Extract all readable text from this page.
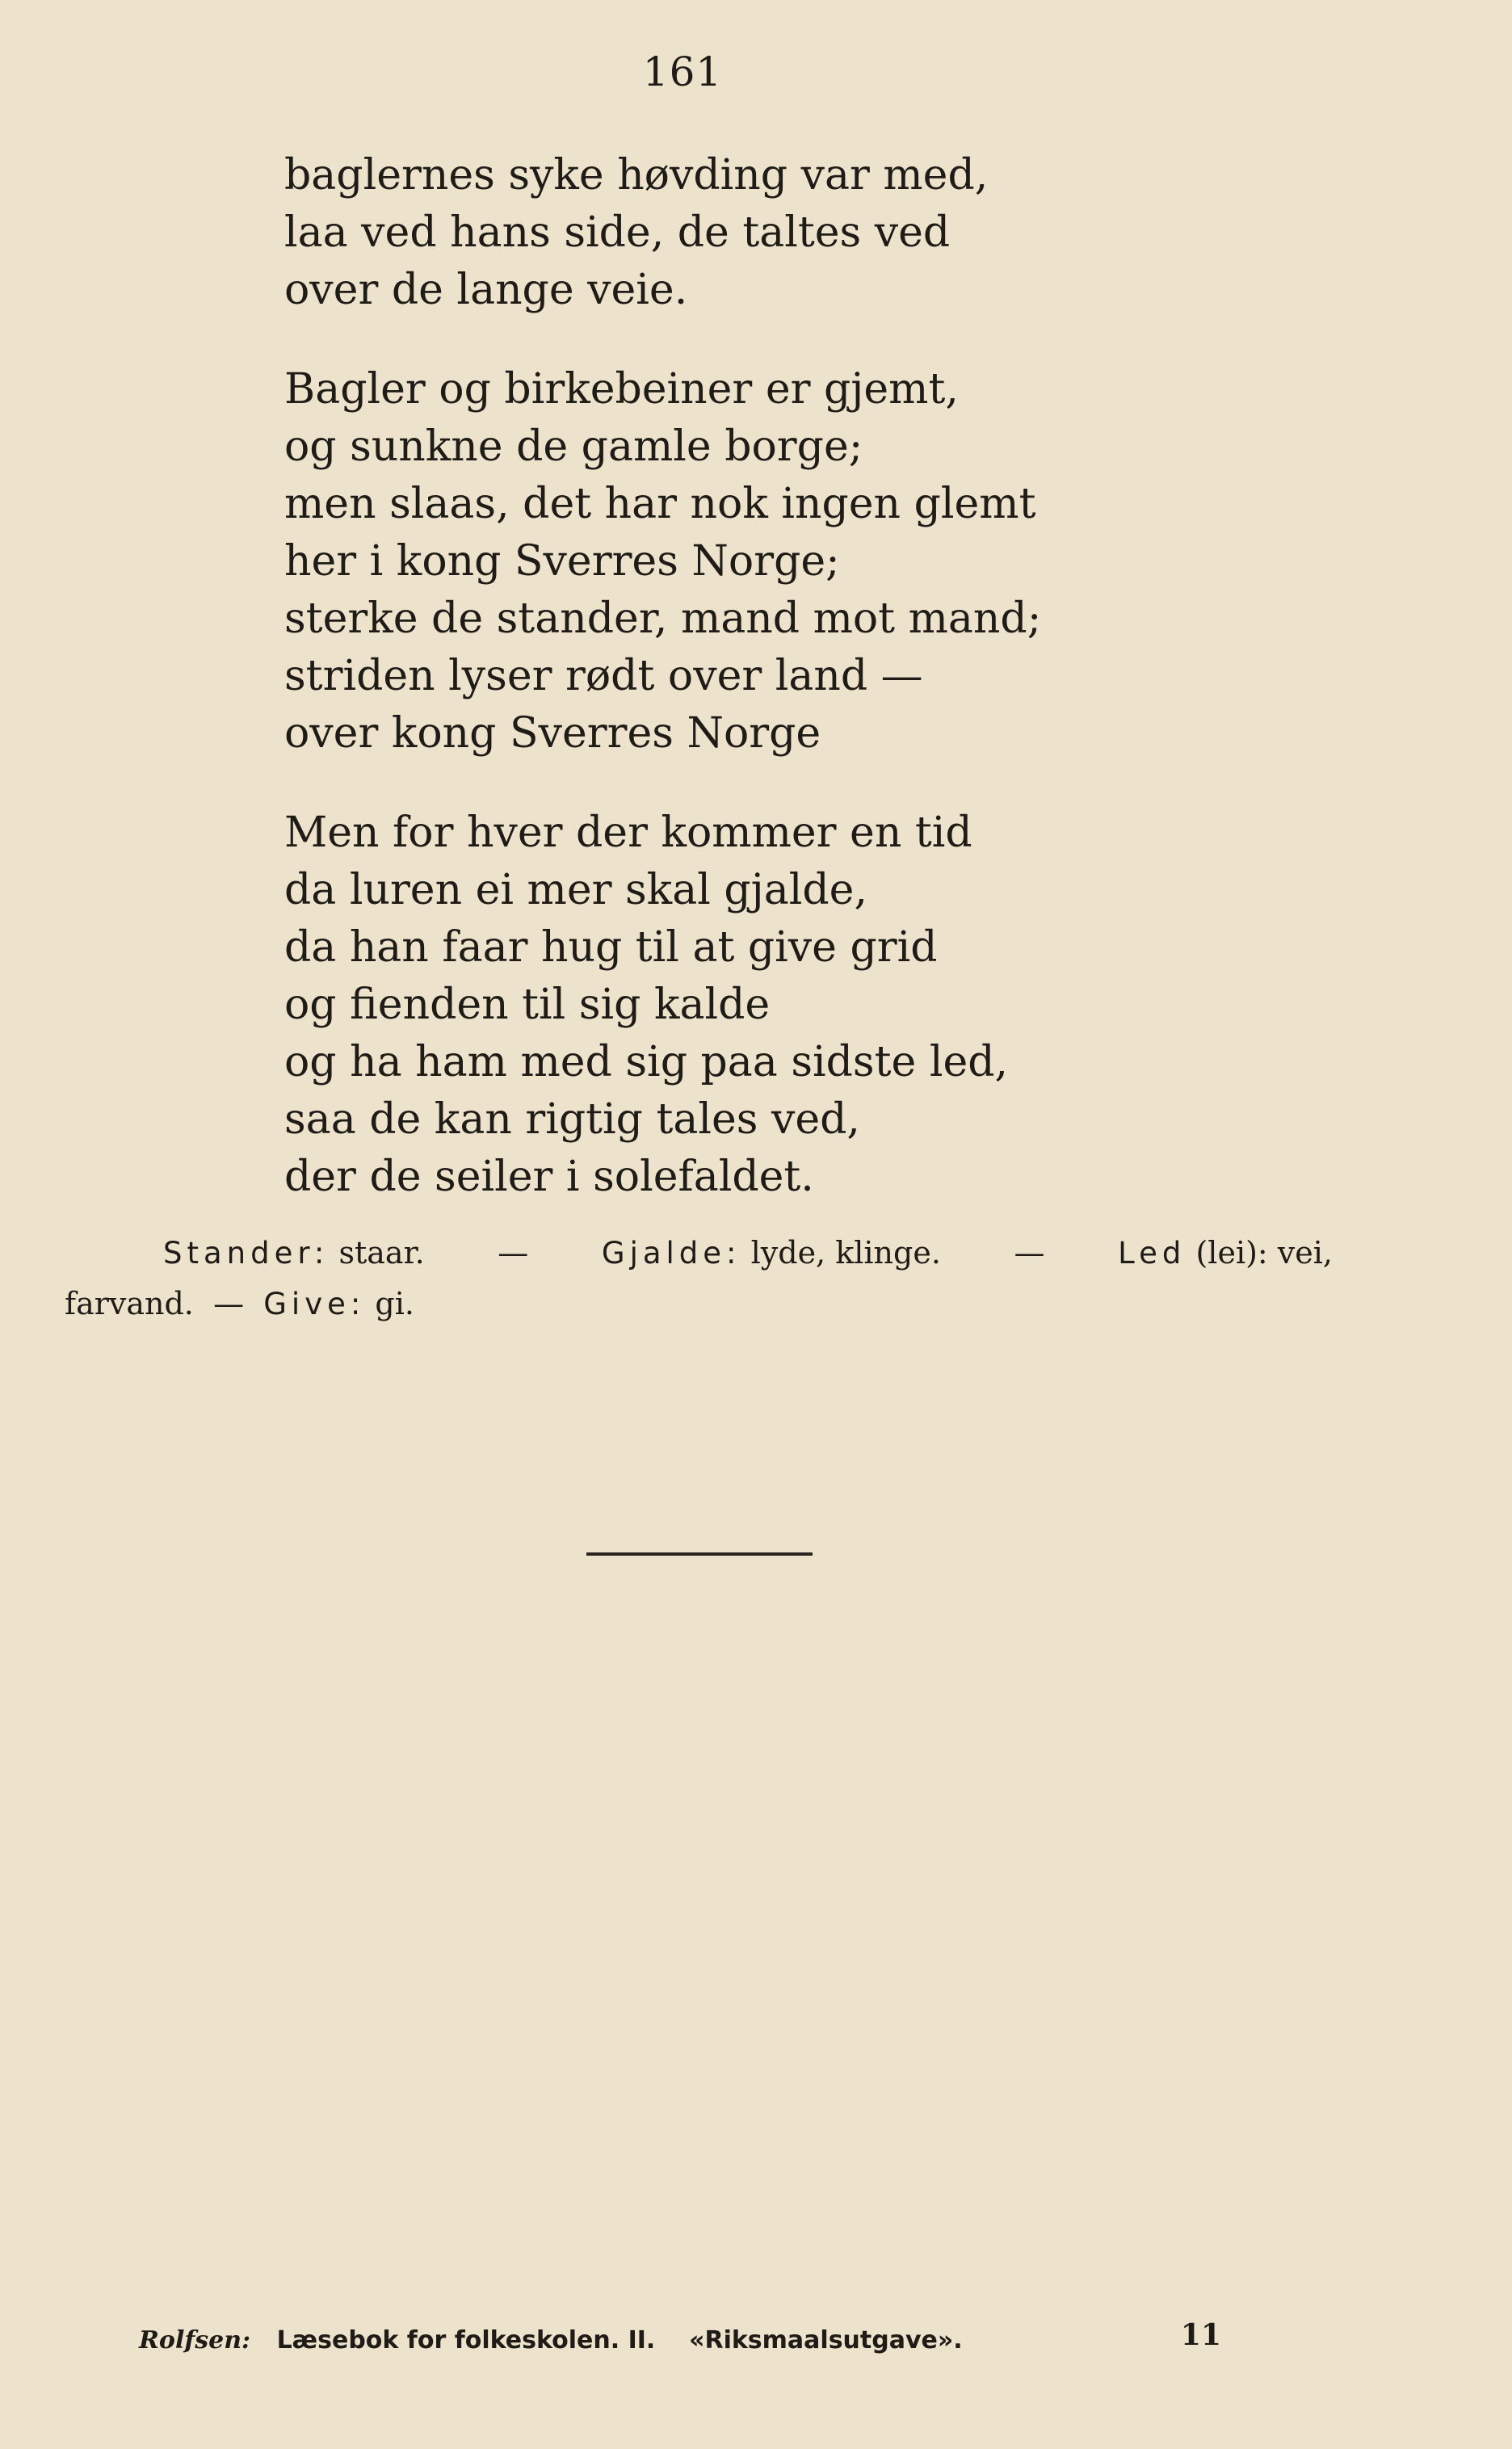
161
baglernes syke høvding var med,
laa ved hans side, de taltes ved
over de lange veie.
Bagler og birkebeiner er gjemt,
og sunkne de gamle borge;
men slaas, det har nok ingen glemt
her i kong Sverres Norge;
sterke de stander, mand mot mand;
striden lyser rødt over land —
over kong Sverres Norge
Men for hver der kommer en tid
da luren ei mer skal gjalde,
da han faar hug til at give grid
og fienden til sig kalde
og ha ham med sig paa sidste led,
saa de kan rigtig tales ved,
der de seiler i solefaldet.
Stander: staar. — Gjalde: lyde, klinge. — Led (lei): vei,
farvand.  —  Give: gi.
Rolfsen: Læsebok for folkeskolen. II. «Riksmaalsutgave».	11
